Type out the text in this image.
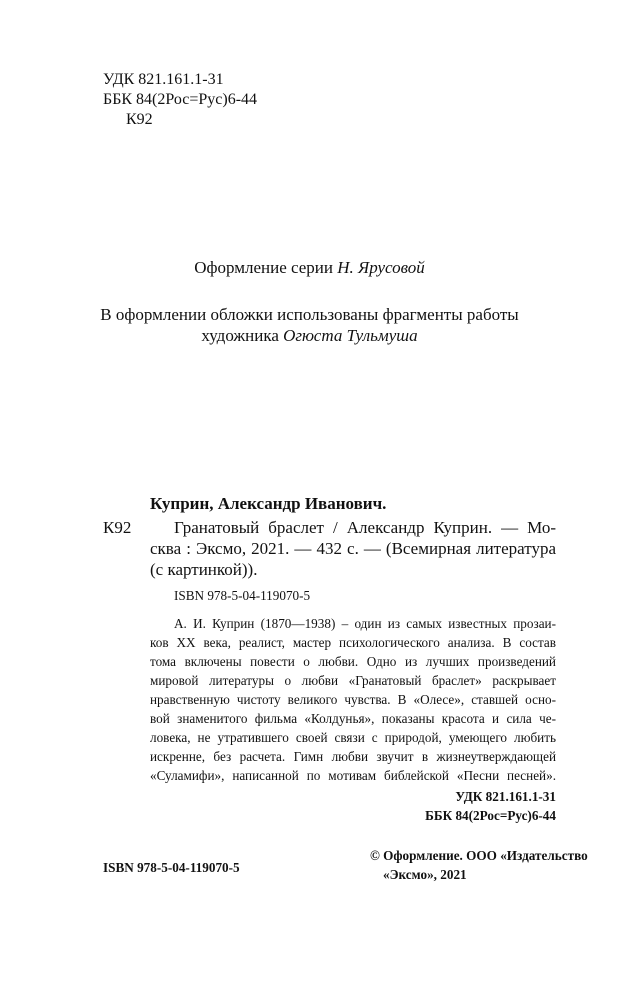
УДК 821.161.1-31
ББК 84(2Рос=Рус)6-44
К92
Оформление серии Н. Ярусовой
В оформлении обложки использованы фрагменты работы
художника Огюста Тульмуша
Куприн, Александр Иванович.
К92	Гранатовый браслет / Александр Куприн. — Мо-
сква : Эксмо, 2021. — 432 с. — (Всемирная литература
(с картинкой)).
ISBN 978-5-04-119070-5
А. И. Куприн (1870—1938) – один из самых известных прозаи-
ков XX века, реалист, мастер психологического анализа. В состав
тома включены повести о любви. Одно из лучших произведений
мировой литературы о любви «Гранатовый браслет» раскрывает
нравственную чистоту великого чувства. В «Олесе», ставшей осно-
вой знаменитого фильма «Колдунья», показаны красота и сила че-
ловека, не утратившего своей связи с природой, умеющего любить
искренне, без расчета. Гимн любви звучит в жизнеутверждающей
«Суламифи», написанной по мотивам библейской «Песни песней».
УДК 821.161.1-31
ББК 84(2Рос=Рус)6-44
ISBN 978-5-04-119070-5
© Оформление. ООО «Издательство
«Эксмо», 2021
